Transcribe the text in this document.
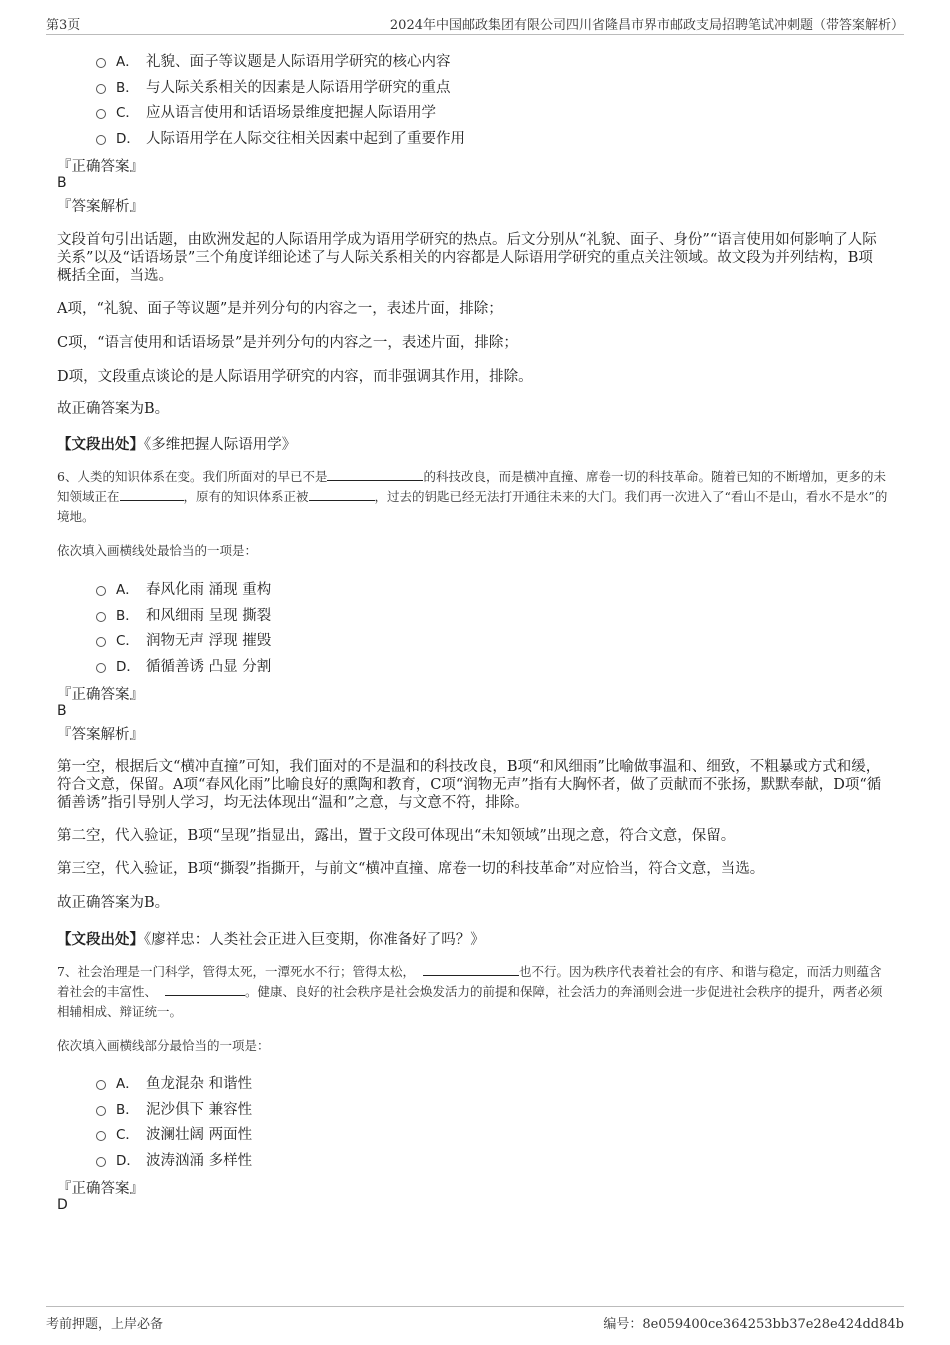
第3页	2024年中国邮政集团有限公司四川省隆昌市界市邮政支局招聘笔试冲刺题（带答案解析）
A． 礼貌、面子等议题是人际语用学研究的核心内容
B． 与人际关系相关的因素是人际语用学研究的重点
C． 应从语言使用和话语场景维度把握人际语用学
D． 人际语用学在人际交往相关因素中起到了重要作用
『正确答案』
B
『答案解析』

文段首句引出话题，由欧洲发起的人际语用学成为语用学研究的热点。后文分别从“礼貌、面子、身份”“语言使用如何影响了人际关系”以及“话语场景”三个角度详细论述了与人际关系相关的内容都是人际语用学研究的重点关注领域。故文段为并列结构，B项概括全面，当选。

A项，“礼貌、面子等议题”是并列分句的内容之一，表述片面，排除；

C项，“语言使用和话语场景”是并列分句的内容之一，表述片面，排除；

D项，文段重点谈论的是人际语用学研究的内容，而非强调其作用，排除。

故正确答案为B。

【文段出处】《多维把握人际语用学》

6、人类的知识体系在变。我们所面对的早已不是	的科技改良，而是横冲直撞、席卷一切的科技革命。随着已知的不断增加，更多的未知领域正在	，原有的知识体系正被	，过去的钥匙已经无法打开通往未来的大门。我们再一次进入了“看山不是山，看水不是水”的境地。

依次填入画横线处最恰当的一项是：

A． 春风化雨 涌现 重构
B． 和风细雨 呈现 撕裂
C． 润物无声 浮现 摧毁
D． 循循善诱 凸显 分割
『正确答案』
B
『答案解析』

第一空，根据后文“横冲直撞”可知，我们面对的不是温和的科技改良，B项“和风细雨”比喻做事温和、细致，不粗暴或方式和缓，符合文意，保留。A项“春风化雨”比喻良好的熏陶和教育，C项“润物无声”指有大胸怀者，做了贡献而不张扬，默默奉献，D项“循循善诱”指引导别人学习，均无法体现出“温和”之意，与文意不符，排除。

第二空，代入验证，B项“呈现”指显出，露出，置于文段可体现出“未知领域”出现之意，符合文意，保留。

第三空，代入验证，B项“撕裂”指撕开，与前文“横冲直撞、席卷一切的科技革命”对应恰当，符合文意，当选。

故正确答案为B。

【文段出处】《廖祥忠：人类社会正进入巨变期，你准备好了吗？》

7、社会治理是一门科学，管得太死，一潭死水不行；管得太松，	也不行。因为秩序代表着社会的有序、和谐与稳定，而活力则蕴含着社会的丰富性、	。健康、良好的社会秩序是社会焕发活力的前提和保障，社会活力的奔涌则会进一步促进社会秩序的提升，两者必须相辅相成、辩证统一。

依次填入画横线部分最恰当的一项是：

A． 鱼龙混杂 和谐性
B． 泥沙俱下 兼容性
C． 波澜壮阔 两面性
D． 波涛汹涌 多样性
『正确答案』
D
考前押题，上岸必备	编号：8e059400ce364253bb37e28e424dd84b
